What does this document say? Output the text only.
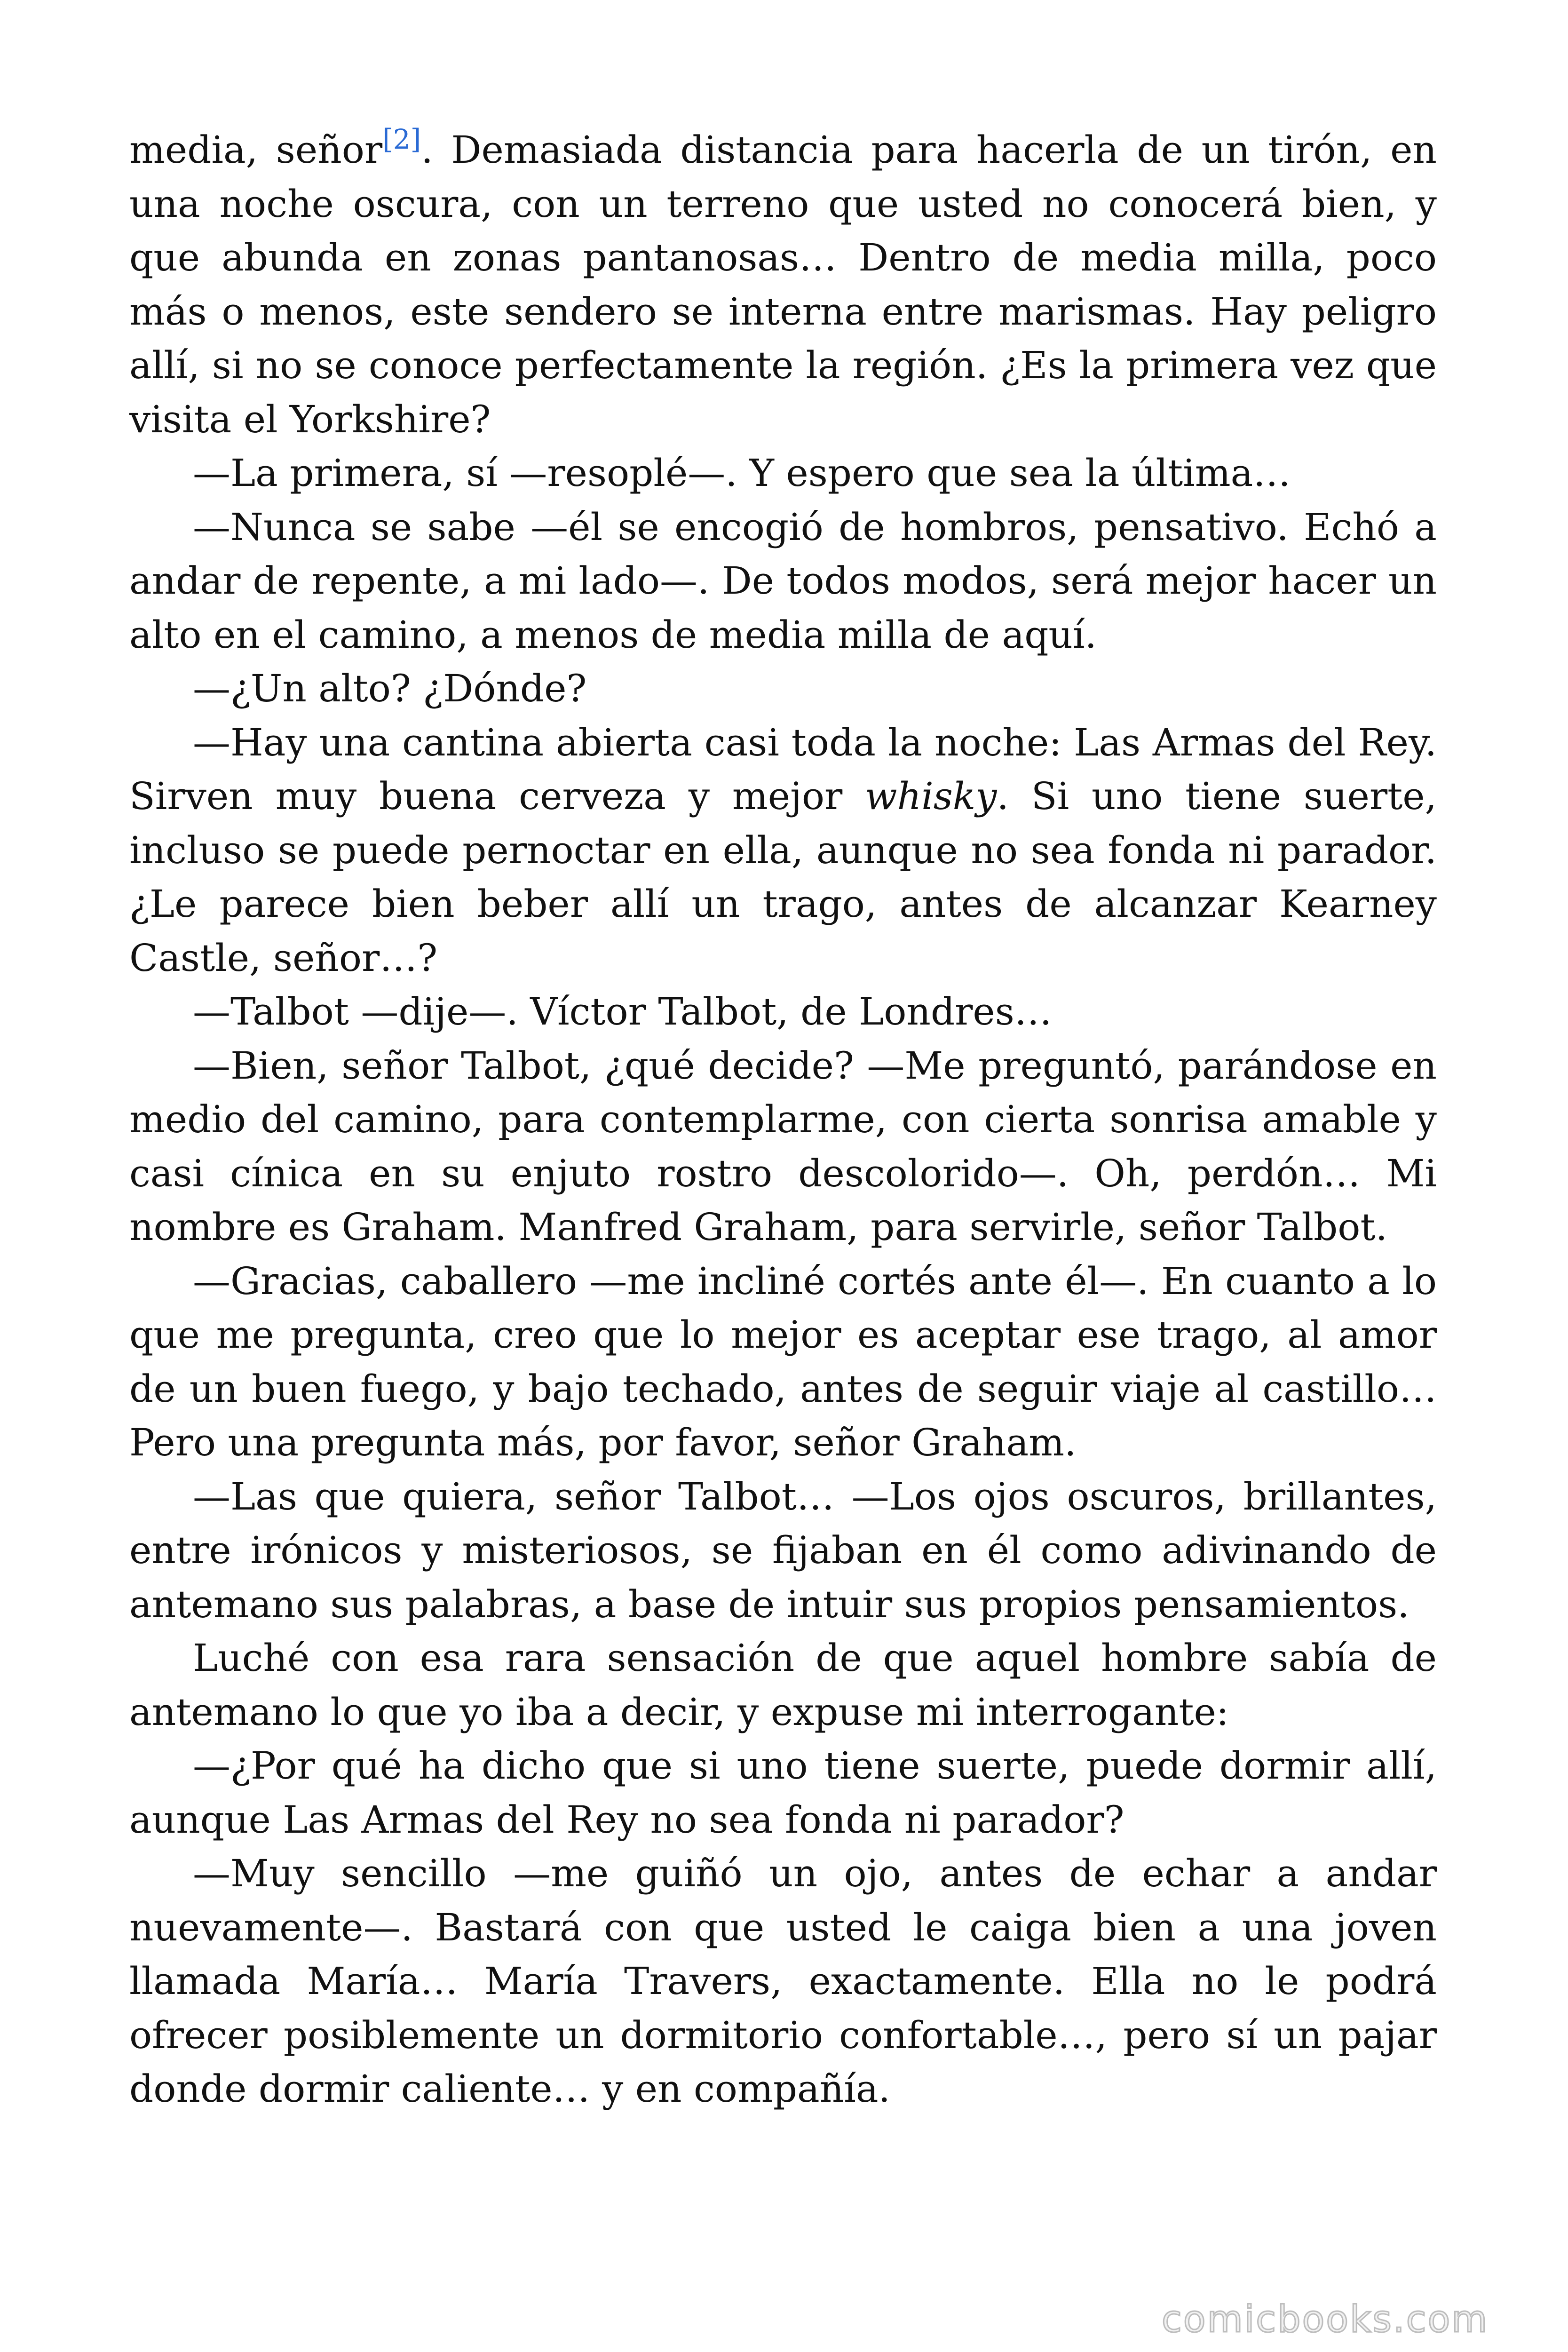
media, señor[2]. Demasiada distancia para hacerla de un tirón, en una noche oscura, con un terreno que usted no conocerá bien, y que abunda en zonas pantanosas… Dentro de media milla, poco más o menos, este sendero se interna entre marismas. Hay peligro allí, si no se conoce perfectamente la región. ¿Es la primera vez que visita el Yorkshire?

—La primera, sí —resoplé—. Y espero que sea la última…

—Nunca se sabe —él se encogió de hombros, pensativo. Echó a andar de repente, a mi lado—. De todos modos, será mejor hacer un alto en el camino, a menos de media milla de aquí.

—¿Un alto? ¿Dónde?

—Hay una cantina abierta casi toda la noche: Las Armas del Rey. Sirven muy buena cerveza y mejor whisky. Si uno tiene suerte, incluso se puede pernoctar en ella, aunque no sea fonda ni parador. ¿Le parece bien beber allí un trago, antes de alcanzar Kearney Castle, señor…?

—Talbot —dije—. Víctor Talbot, de Londres…

—Bien, señor Talbot, ¿qué decide? —Me preguntó, parándose en medio del camino, para contemplarme, con cierta sonrisa amable y casi cínica en su enjuto rostro descolorido—. Oh, perdón… Mi nombre es Graham. Manfred Graham, para servirle, señor Talbot.

—Gracias, caballero —me incliné cortés ante él—. En cuanto a lo que me pregunta, creo que lo mejor es aceptar ese trago, al amor de un buen fuego, y bajo techado, antes de seguir viaje al castillo… Pero una pregunta más, por favor, señor Graham.

—Las que quiera, señor Talbot… —Los ojos oscuros, brillantes, entre irónicos y misteriosos, se fijaban en él como adivinando de antemano sus palabras, a base de intuir sus propios pensamientos.

Luché con esa rara sensación de que aquel hombre sabía de antemano lo que yo iba a decir, y expuse mi interrogante:

—¿Por qué ha dicho que si uno tiene suerte, puede dormir allí, aunque Las Armas del Rey no sea fonda ni parador?

—Muy sencillo —me guiñó un ojo, antes de echar a andar nuevamente—. Bastará con que usted le caiga bien a una joven llamada María… María Travers, exactamente. Ella no le podrá ofrecer posiblemente un dormitorio confortable…, pero sí un pajar donde dormir caliente… y en compañía.

comicbooks.com
